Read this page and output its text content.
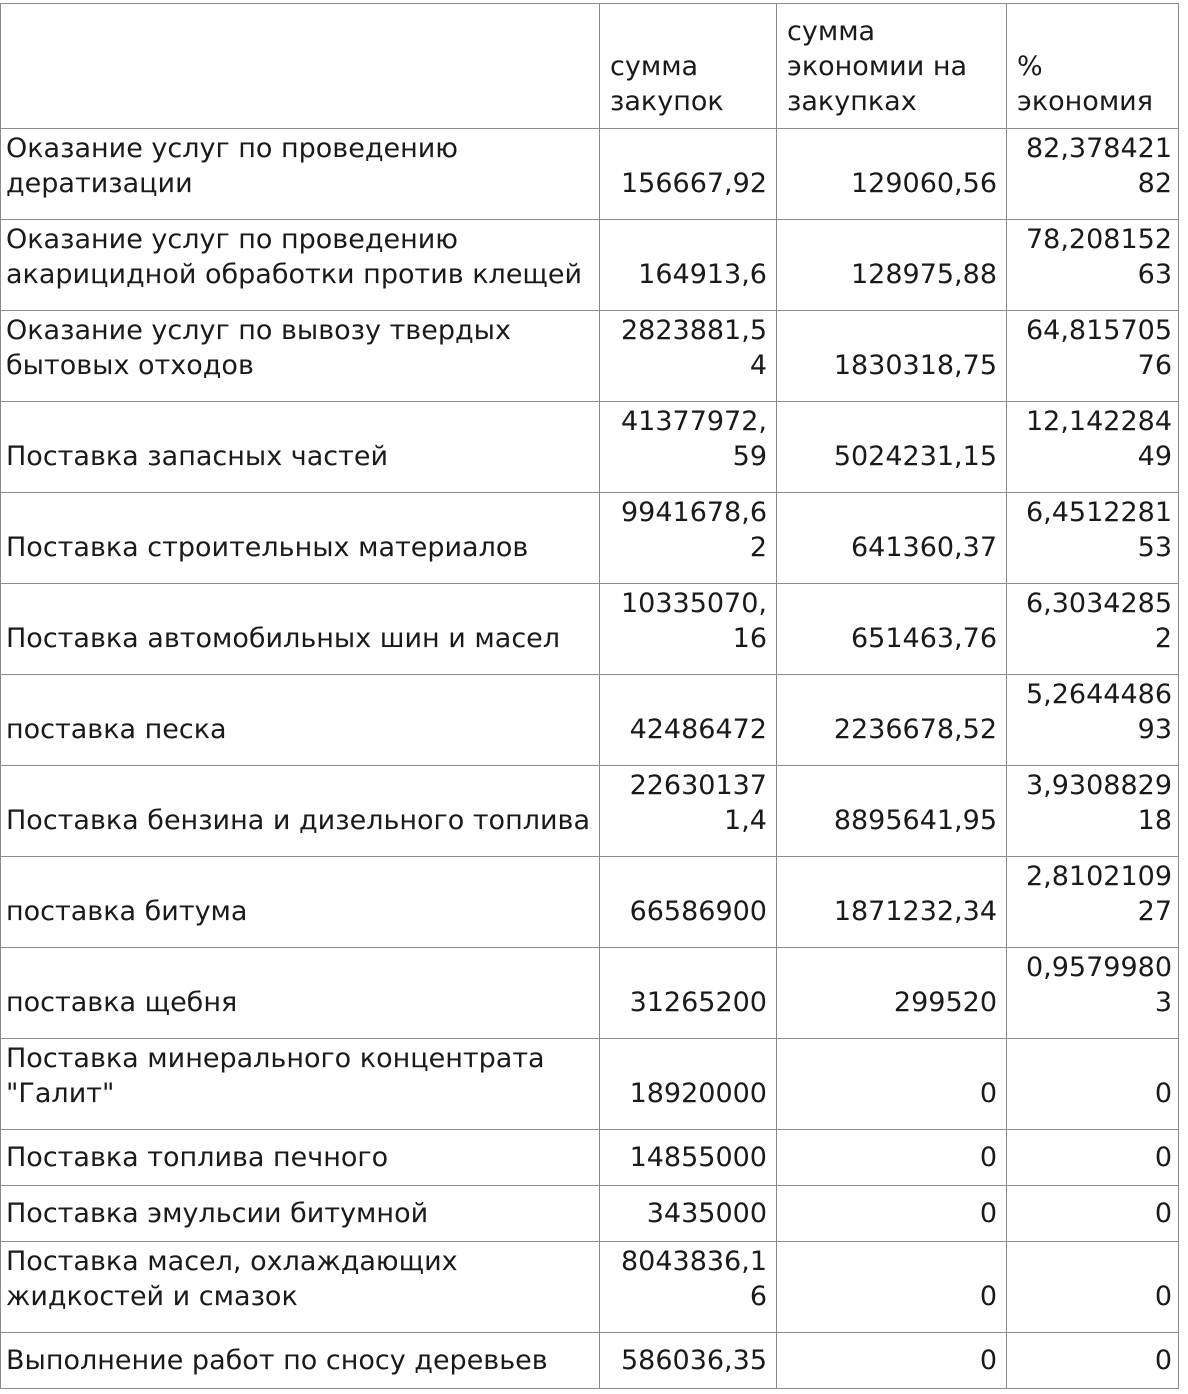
	сумма закупок	сумма экономии на закупках	% экономия
Оказание услуг по проведению дератизации	156667,92	129060,56	82,37842182

Оказание услуг по проведению акарицидной обработки против клещей	164913,6	128975,88	78,20815263

Оказание услуг по вывозу твердых бытовых отходов	2823881,54	1830318,75	64,81570576

Поставка запасных частей	41377972,59	5024231,15	12,14228449

Поставка строительных материалов	9941678,62	641360,37	6,451228153

Поставка автомобильных шин и масел	10335070,16	651463,76	6,30342852

поставка песка	42486472	2236678,52	5,264448693

Поставка бензина и дизельного топлива	226301371,4	8895641,95	3,930882918

поставка битума	66586900	1871232,34	2,810210927

поставка щебня	31265200	299520	0,95799803

Поставка минерального концентрата "Галит"	18920000	0	0

Поставка топлива печного	14855000	0	0

Поставка эмульсии битумной	3435000	0	0

Поставка масел, охлаждающих жидкостей и смазок	8043836,16	0	0

Выполнение работ по сносу деревьев	586036,35	0	0
